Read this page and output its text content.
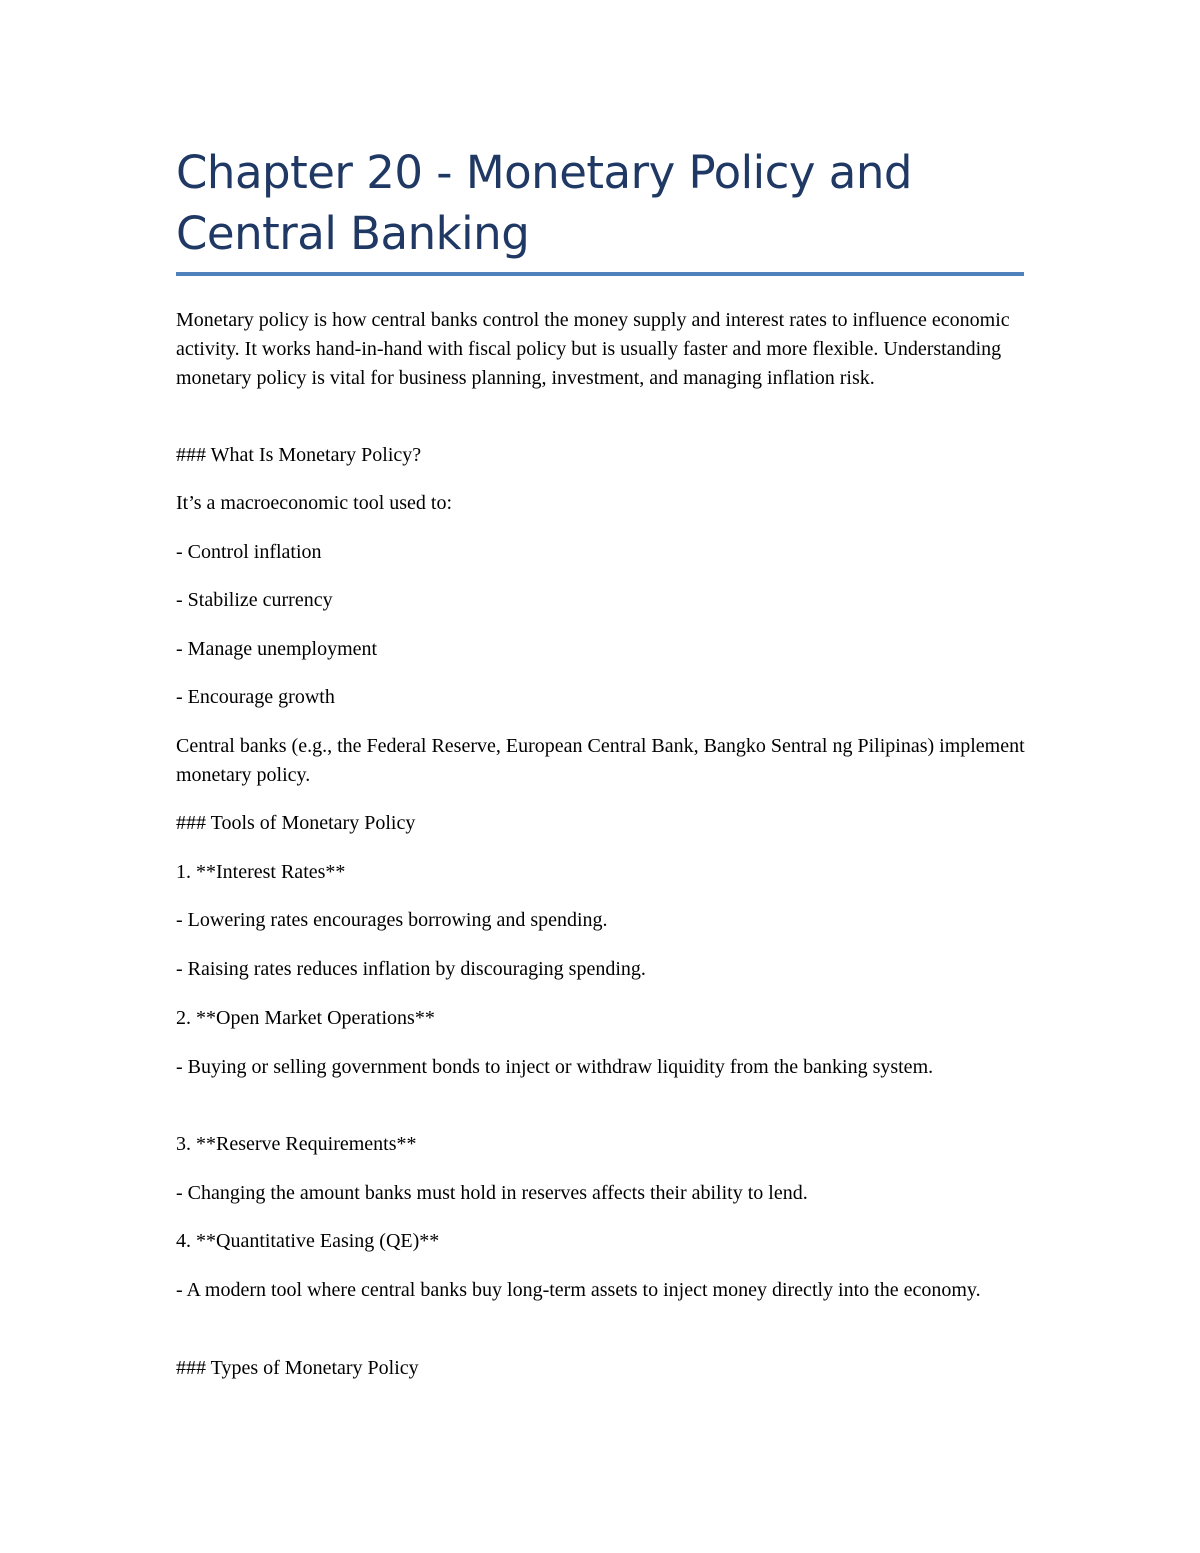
Chapter 20 - Monetary Policy and Central Banking

Monetary policy is how central banks control the money supply and interest rates to influence economic activity. It works hand-in-hand with fiscal policy but is usually faster and more flexible. Understanding monetary policy is vital for business planning, investment, and managing inflation risk.

### What Is Monetary Policy?

It’s a macroeconomic tool used to:

- Control inflation

- Stabilize currency

- Manage unemployment

- Encourage growth

Central banks (e.g., the Federal Reserve, European Central Bank, Bangko Sentral ng Pilipinas) implement monetary policy.

### Tools of Monetary Policy

1. **Interest Rates**

- Lowering rates encourages borrowing and spending.

- Raising rates reduces inflation by discouraging spending.

2. **Open Market Operations**

- Buying or selling government bonds to inject or withdraw liquidity from the banking system.

3. **Reserve Requirements**

- Changing the amount banks must hold in reserves affects their ability to lend.

4. **Quantitative Easing (QE)**

- A modern tool where central banks buy long-term assets to inject money directly into the economy.

### Types of Monetary Policy
